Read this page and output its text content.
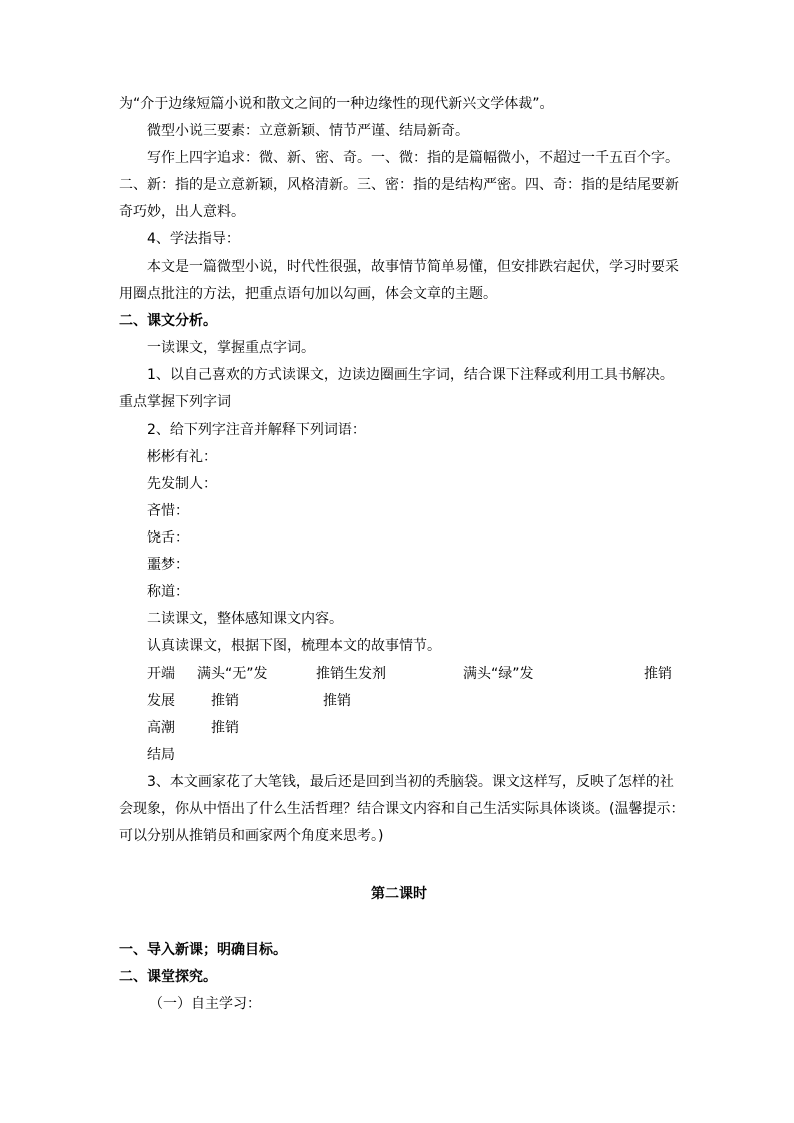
为“介于边缘短篇小说和散文之间的一种边缘性的现代新兴文学体裁”。
微型小说三要素：立意新颖、情节严谨、结局新奇。
写作上四字追求：微、新、密、奇。一、微：指的是篇幅微小，不超过一千五百个字。
二、新：指的是立意新颖，风格清新。三、密：指的是结构严密。四、奇：指的是结尾要新
奇巧妙，出人意料。
4、学法指导：
本文是一篇微型小说，时代性很强，故事情节简单易懂，但安排跌宕起伏，学习时要采
用圈点批注的方法，把重点语句加以勾画，体会文章的主题。
二、课文分析。
一读课文，掌握重点字词。
1、以自己喜欢的方式读课文，边读边圈画生字词，结合课下注释或利用工具书解决。
重点掌握下列字词
2、给下列字注音并解释下列词语：
彬彬有礼：
先发制人：
吝惜：
饶舌：
噩梦：
称道：
二读课文，整体感知课文内容。
认真读课文，根据下图，梳理本文的故事情节。
开端 满头“无”发	推销生发剂	满头“绿”发	推销
发展	推销	推销
高潮	推销
结局
3、本文画家花了大笔钱，最后还是回到当初的秃脑袋。课文这样写，反映了怎样的社
会现象，你从中悟出了什么生活哲理？结合课文内容和自己生活实际具体谈谈。(温馨提示：
可以分别从推销员和画家两个角度来思考。)
第二课时
一、导入新课；明确目标。
二、课堂探究。
（一）自主学习：
